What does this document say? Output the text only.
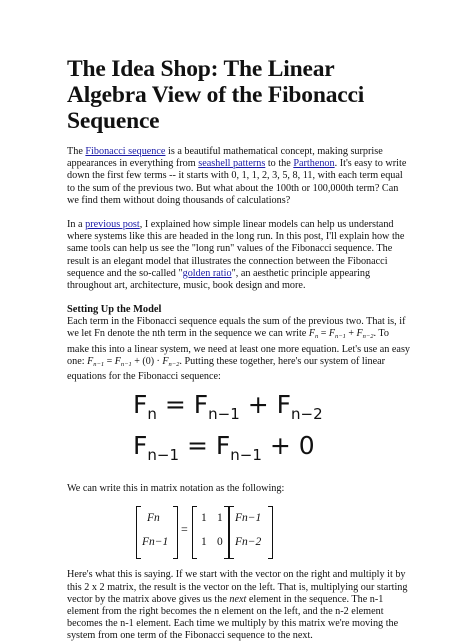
The Idea Shop: The Linear Algebra View of the Fibonacci Sequence

The Fibonacci sequence is a beautiful mathematical concept, making surprise appearances in everything from seashell patterns to the Parthenon. It's easy to write down the first few terms -- it starts with 0, 1, 1, 2, 3, 5, 8, 11, with each term equal to the sum of the previous two. But what about the 100th or 100,000th term? Can we find them without doing thousands of calculations?

In a previous post, I explained how simple linear models can help us understand where systems like this are headed in the long run. In this post, I'll explain how the same tools can help us see the "long run" values of the Fibonacci sequence. The result is an elegant model that illustrates the connection between the Fibonacci sequence and the so-called "golden ratio", an aesthetic principle appearing throughout art, architecture, music, book design and more.

Setting Up the Model

Each term in the Fibonacci sequence equals the sum of the previous two. That is, if we let Fn denote the nth term in the sequence we can write $F_n = F_{n-1} + F_{n-2}$. To make this into a linear system, we need at least one more equation. Let's use an easy one: $F_{n-1} = F_{n-1} + (0) \cdot F_{n-2}$. Putting these together, here's our system of linear equations for the Fibonacci sequence:

$F_n = F_{n-1} + F_{n-2}$
$F_{n-1} = F_{n-1} + 0$

We can write this in matrix notation as the following:

Fn
Fn−1
=
1 1
1 0
Fn−1
Fn−2

Here's what this is saying. If we start with the vector on the right and multiply it by this 2 x 2 matrix, the result is the vector on the left. That is, multiplying our starting vector by the matrix above gives us the next element in the sequence. The n-1 element from the right becomes the n element on the left, and the n-2 element becomes the n-1 element. Each time we multiply by this matrix we're moving the system from one term of the Fibonacci sequence to the next.
